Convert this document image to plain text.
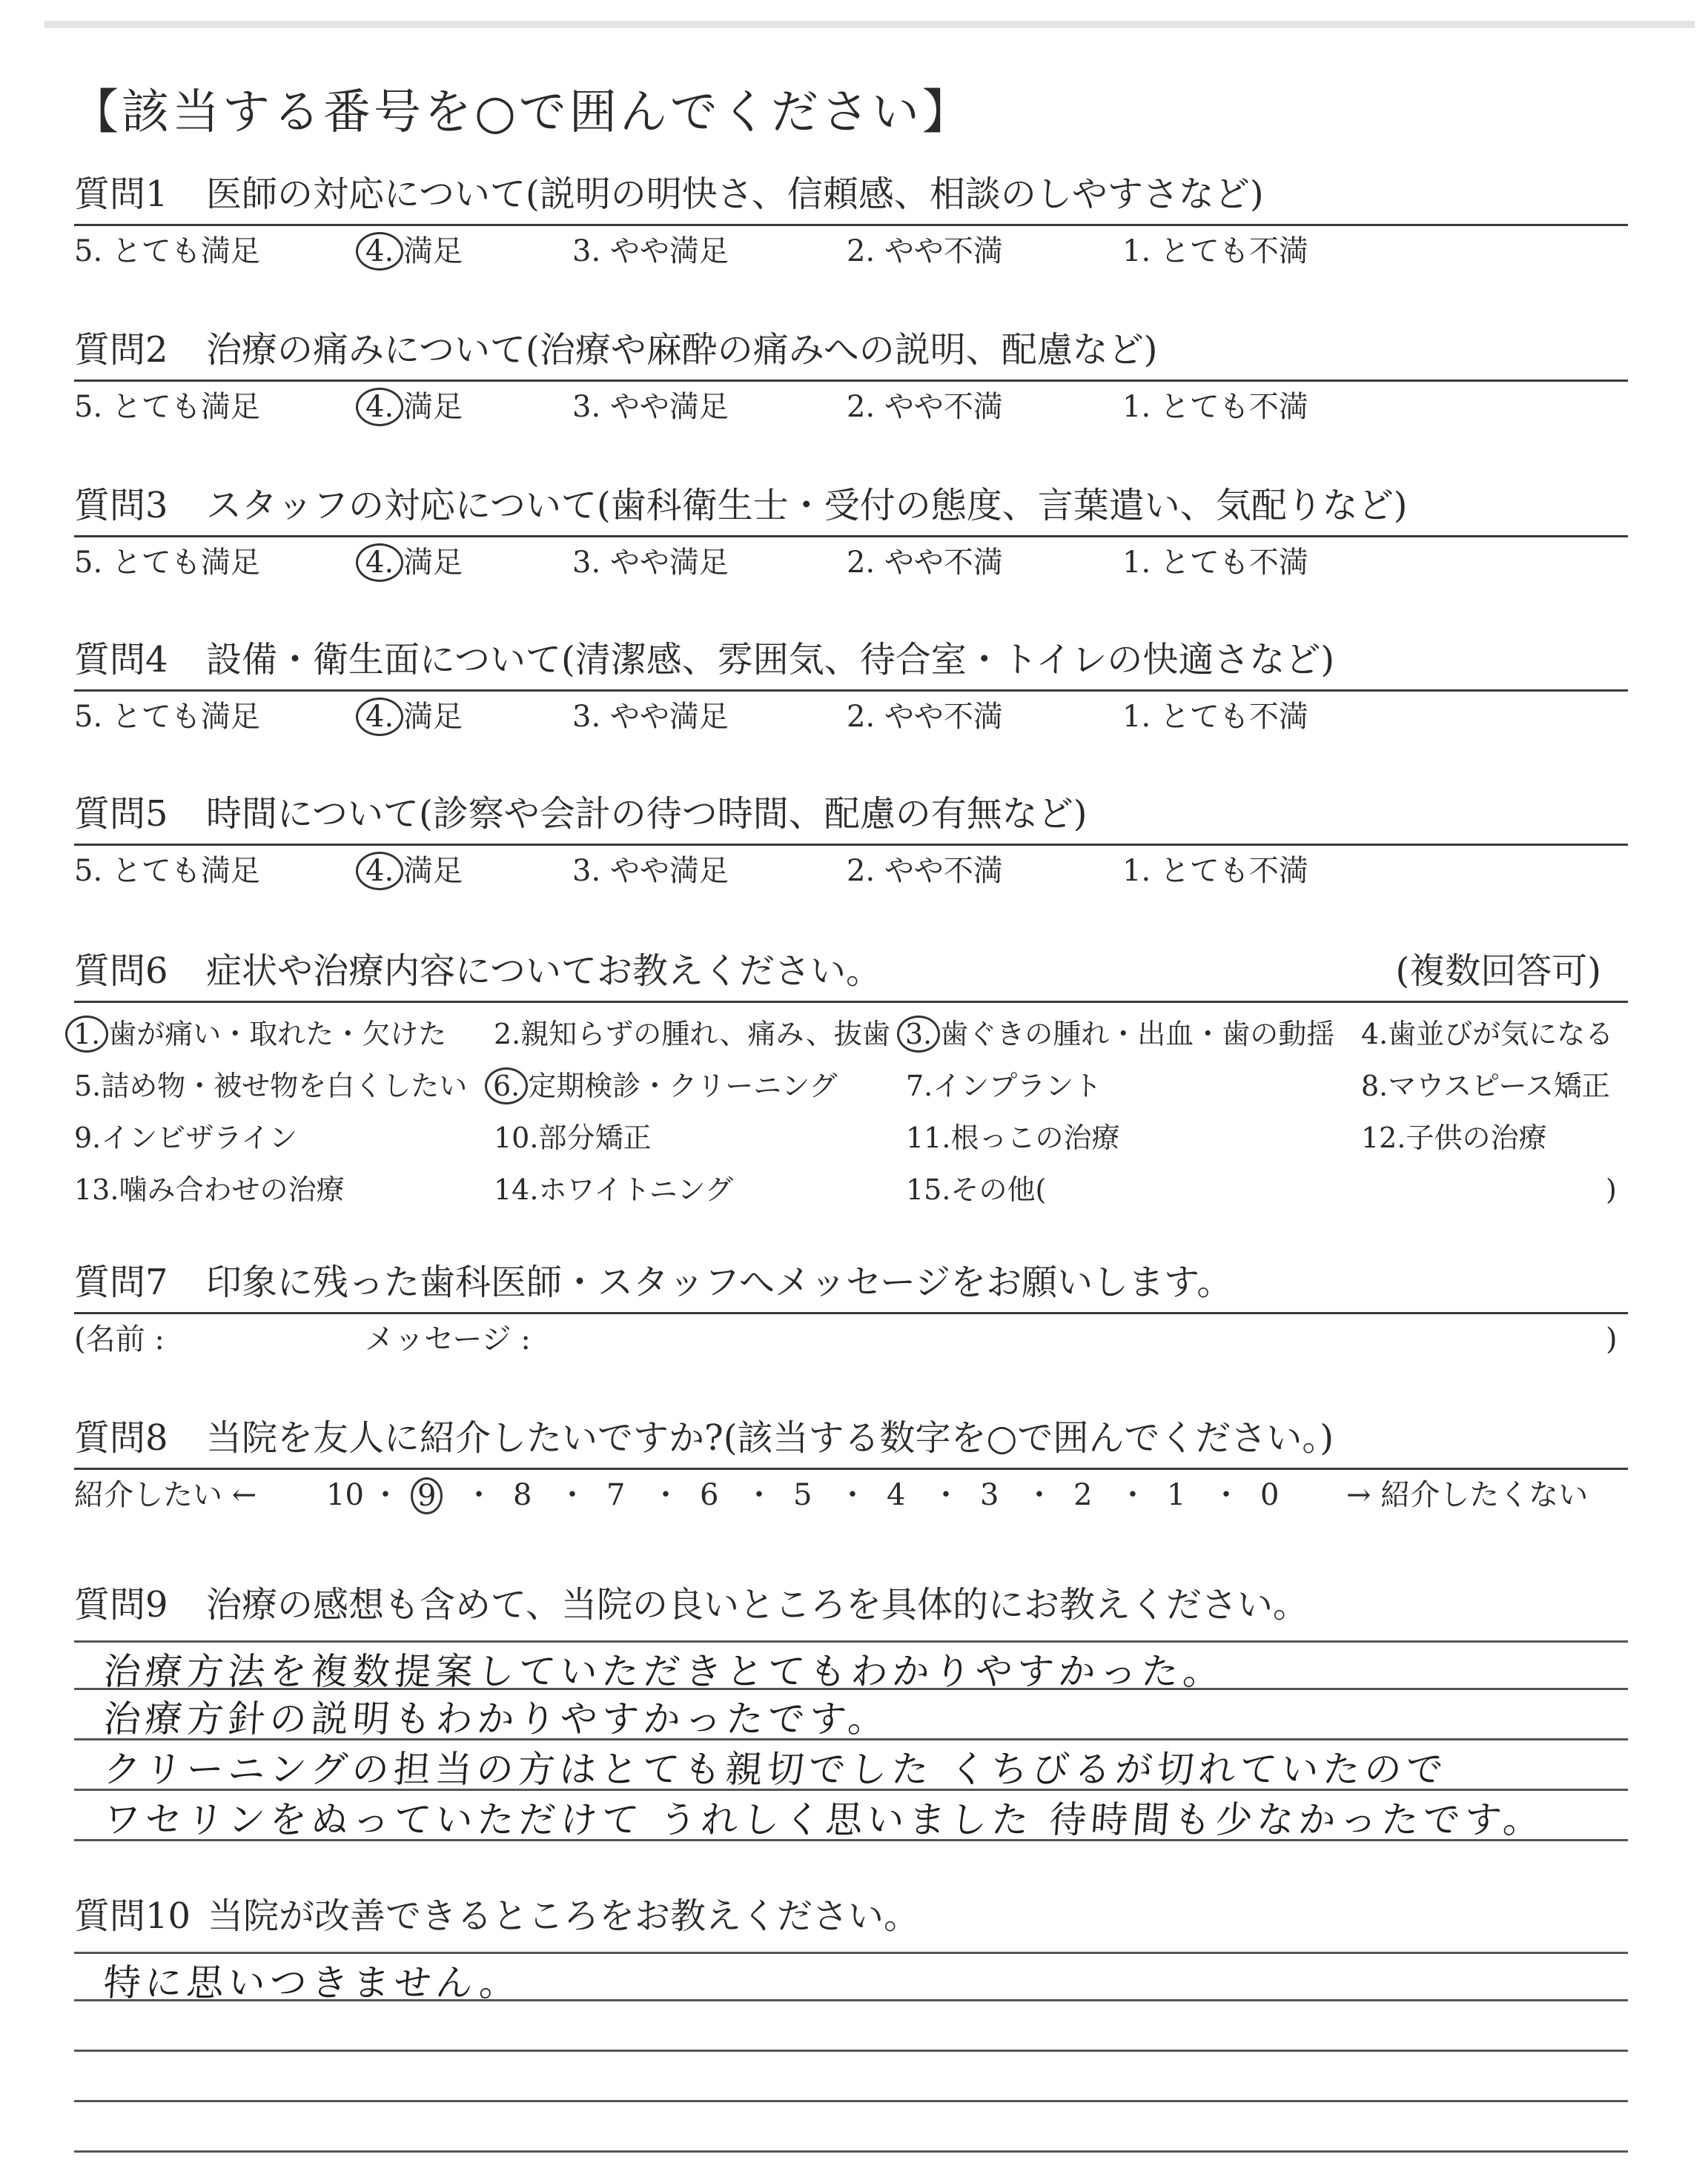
【該当する番号を○で囲んでください】
質問1 医師の対応について(説明の明快さ、信頼感、相談のしやすさなど)
5. とても満足	4. 満足	3. やや満足	2. やや不満	1. とても不満
質問2 治療の痛みについて(治療や麻酔の痛みへの説明、配慮など)
5. とても満足	4. 満足	3. やや満足	2. やや不満	1. とても不満
質問3 スタッフの対応について(歯科衛生士・受付の態度、言葉遣い、気配りなど)
5. とても満足	4. 満足	3. やや満足	2. やや不満	1. とても不満
質問4 設備・衛生面について(清潔感、雰囲気、待合室・トイレの快適さなど)
5. とても満足	4. 満足	3. やや満足	2. やや不満	1. とても不満
質問5 時間について(診察や会計の待つ時間、配慮の有無など)
5. とても満足	4. 満足	3. やや満足	2. やや不満	1. とても不満
質問6 症状や治療内容についてお教えください。	(複数回答可)
1. 歯が痛い・取れた・欠けた 2.親知らずの腫れ、痛み、抜歯 3. 歯ぐきの腫れ・出血・歯の動揺 4.歯並びが気になる
5.詰め物・被せ物を白くしたい 6. 定期検診・クリーニング 7.インプラント	8.マウスピース矯正
9.インビザライン	10.部分矯正	11.根っこの治療	12.子供の治療
13.噛み合わせの治療	14.ホワイトニング	15.その他(	)
質問7 印象に残った歯科医師・スタッフへメッセージをお願いします。
(名前 :	メッセージ :	)
質問8 当院を友人に紹介したいですか?(該当する数字を○で囲んでください。)
紹介したい ←	→ 紹介したくない
10 ・ 9 ・ 8 ・ 7 ・ 6 ・ 5 ・ 4 ・ 3 ・ 2 ・ 1 ・ 0
質問9 治療の感想も含めて、当院の良いところを具体的にお教えください。
治療方法を複数提案していただきとてもわかりやすかった。
治療方針の説明もわかりやすかったです。
クリーニングの担当の方はとても親切でした くちびるが切れていたので
ワセリンをぬっていただけて うれしく思いました 待時間も少なかったです。
質問10 当院が改善できるところをお教えください。
特に思いつきません。
